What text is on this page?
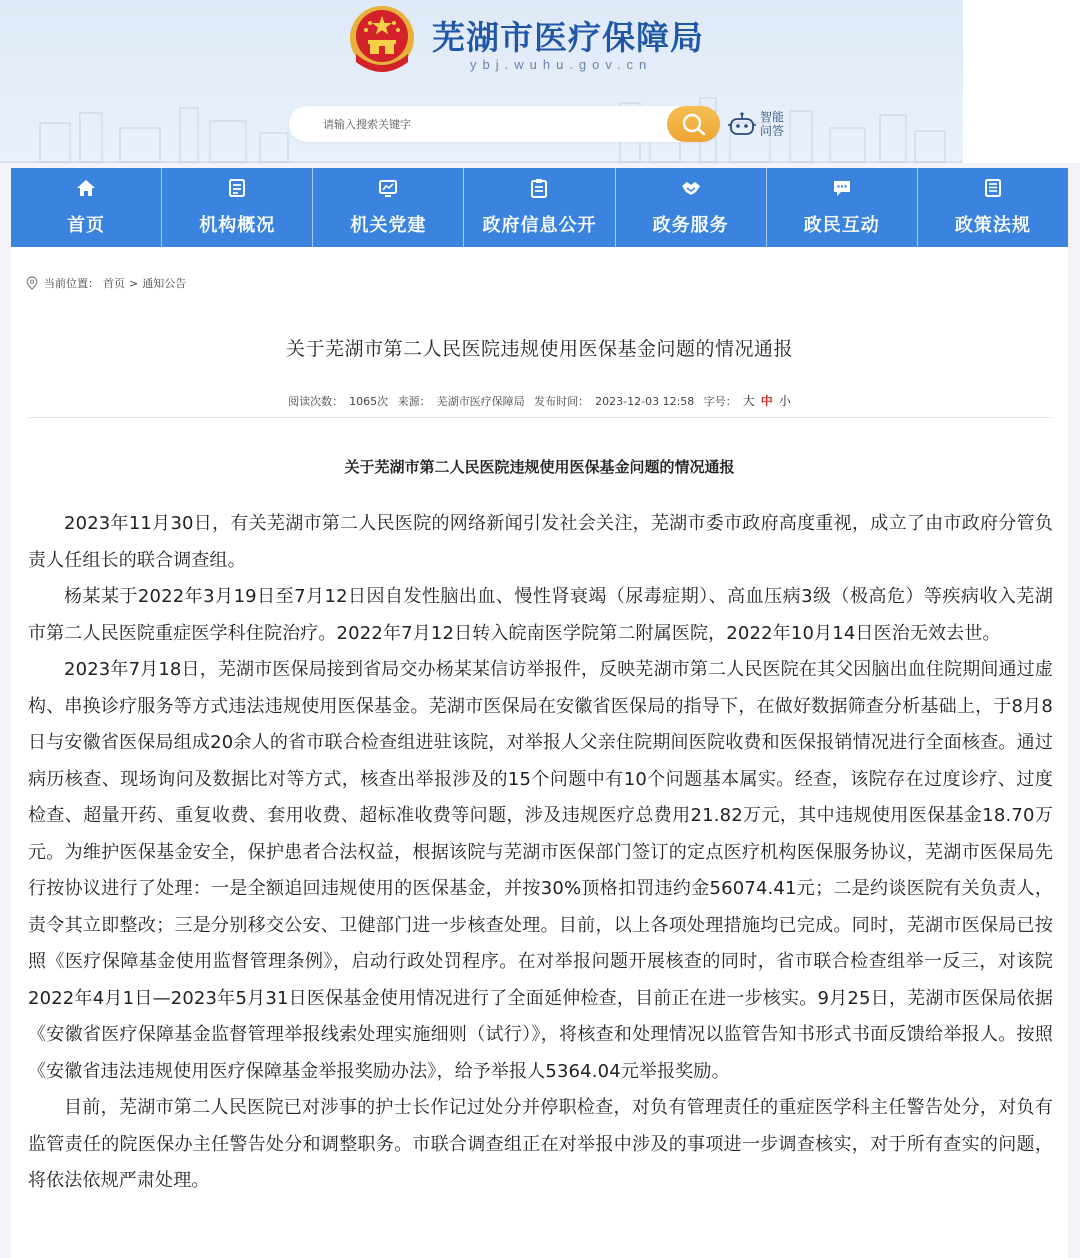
芜湖市医疗保障局
ybj.wuhu.gov.cn
请输入搜索关键字
智能
问答
首页	机构概况	机关党建	政府信息公开	政务服务	政民互动	政策法规
当前位置： 首页 > 通知公告
关于芜湖市第二人民医院违规使用医保基金问题的情况通报
阅读次数： 1065次 来源： 芜湖市医疗保障局 发布时间： 2023-12-03 12:58 字号： 大 中 小
关于芜湖市第二人民医院违规使用医保基金问题的情况通报

2023年11月30日，有关芜湖市第二人民医院的网络新闻引发社会关注，芜湖市委市政府高度重视，成立了由市政府分管负责人任组长的联合调查组。

杨某某于2022年3月19日至7月12日因自发性脑出血、慢性肾衰竭（尿毒症期）、高血压病3级（极高危）等疾病收入芜湖市第二人民医院重症医学科住院治疗。2022年7月12日转入皖南医学院第二附属医院，2022年10月14日医治无效去世。

2023年7月18日，芜湖市医保局接到省局交办杨某某信访举报件，反映芜湖市第二人民医院在其父因脑出血住院期间通过虚构、串换诊疗服务等方式违法违规使用医保基金。芜湖市医保局在安徽省医保局的指导下，在做好数据筛查分析基础上，于8月8日与安徽省医保局组成20余人的省市联合检查组进驻该院，对举报人父亲住院期间医院收费和医保报销情况进行全面核查。通过病历核查、现场询问及数据比对等方式，核查出举报涉及的15个问题中有10个问题基本属实。经查，该院存在过度诊疗、过度检查、超量开药、重复收费、套用收费、超标准收费等问题，涉及违规医疗总费用21.82万元，其中违规使用医保基金18.70万元。为维护医保基金安全，保护患者合法权益，根据该院与芜湖市医保部门签订的定点医疗机构医保服务协议，芜湖市医保局先行按协议进行了处理：一是全额追回违规使用的医保基金，并按30%顶格扣罚违约金56074.41元；二是约谈医院有关负责人，责令其立即整改；三是分别移交公安、卫健部门进一步核查处理。目前，以上各项处理措施均已完成。同时，芜湖市医保局已按照《医疗保障基金使用监督管理条例》，启动行政处罚程序。在对举报问题开展核查的同时，省市联合检查组举一反三，对该院2022年4月1日—2023年5月31日医保基金使用情况进行了全面延伸检查，目前正在进一步核实。9月25日，芜湖市医保局依据《安徽省医疗保障基金监督管理举报线索处理实施细则（试行）》，将核查和处理情况以监管告知书形式书面反馈给举报人。按照《安徽省违法违规使用医疗保障基金举报奖励办法》，给予举报人5364.04元举报奖励。

目前，芜湖市第二人民医院已对涉事的护士长作记过处分并停职检查，对负有管理责任的重症医学科主任警告处分，对负有监管责任的院医保办主任警告处分和调整职务。市联合调查组正在对举报中涉及的事项进一步调查核实，对于所有查实的问题，将依法依规严肃处理。
